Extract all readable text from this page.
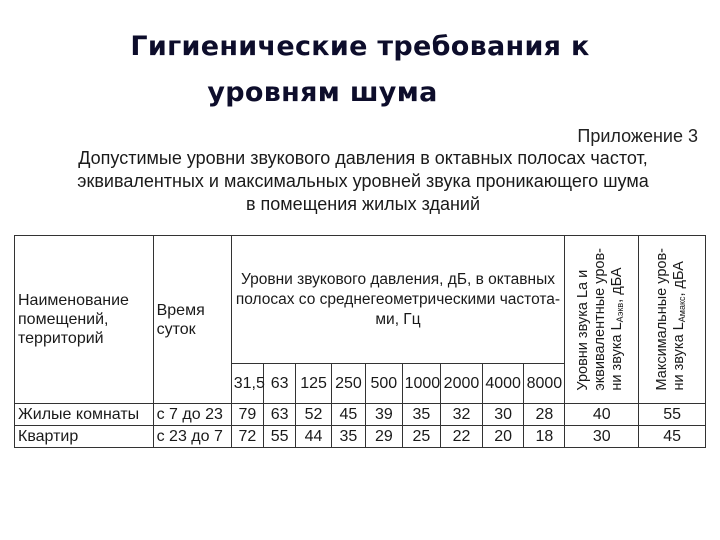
Гигиенические требования к

уровням шума
Приложение 3
Допустимые уровни звукового давления в октавных полосах частот,
эквивалентных и максимальных уровней звука проникающего шума
в помещения жилых зданий
Наименование помещений, территорий	Время суток	Уровни звукового давления, дБ, в октавных полосах со среднегеометрическими частота- ми, Гц									Уровни звука La и
эквивалентные уров-
ни звука $L_{Аэкв}$, дБА	Максимальные уров-
ни звука $L_{Амакс}$, дБА

		31,5	63	125	250	500	1000	2000	4000	8000		
Жилые комнаты	с 7 до 23	79	63	52	45	39	35	32	30	28	40	55
Квартир	с 23 до 7	72	55	44	35	29	25	22	20	18	30	45
